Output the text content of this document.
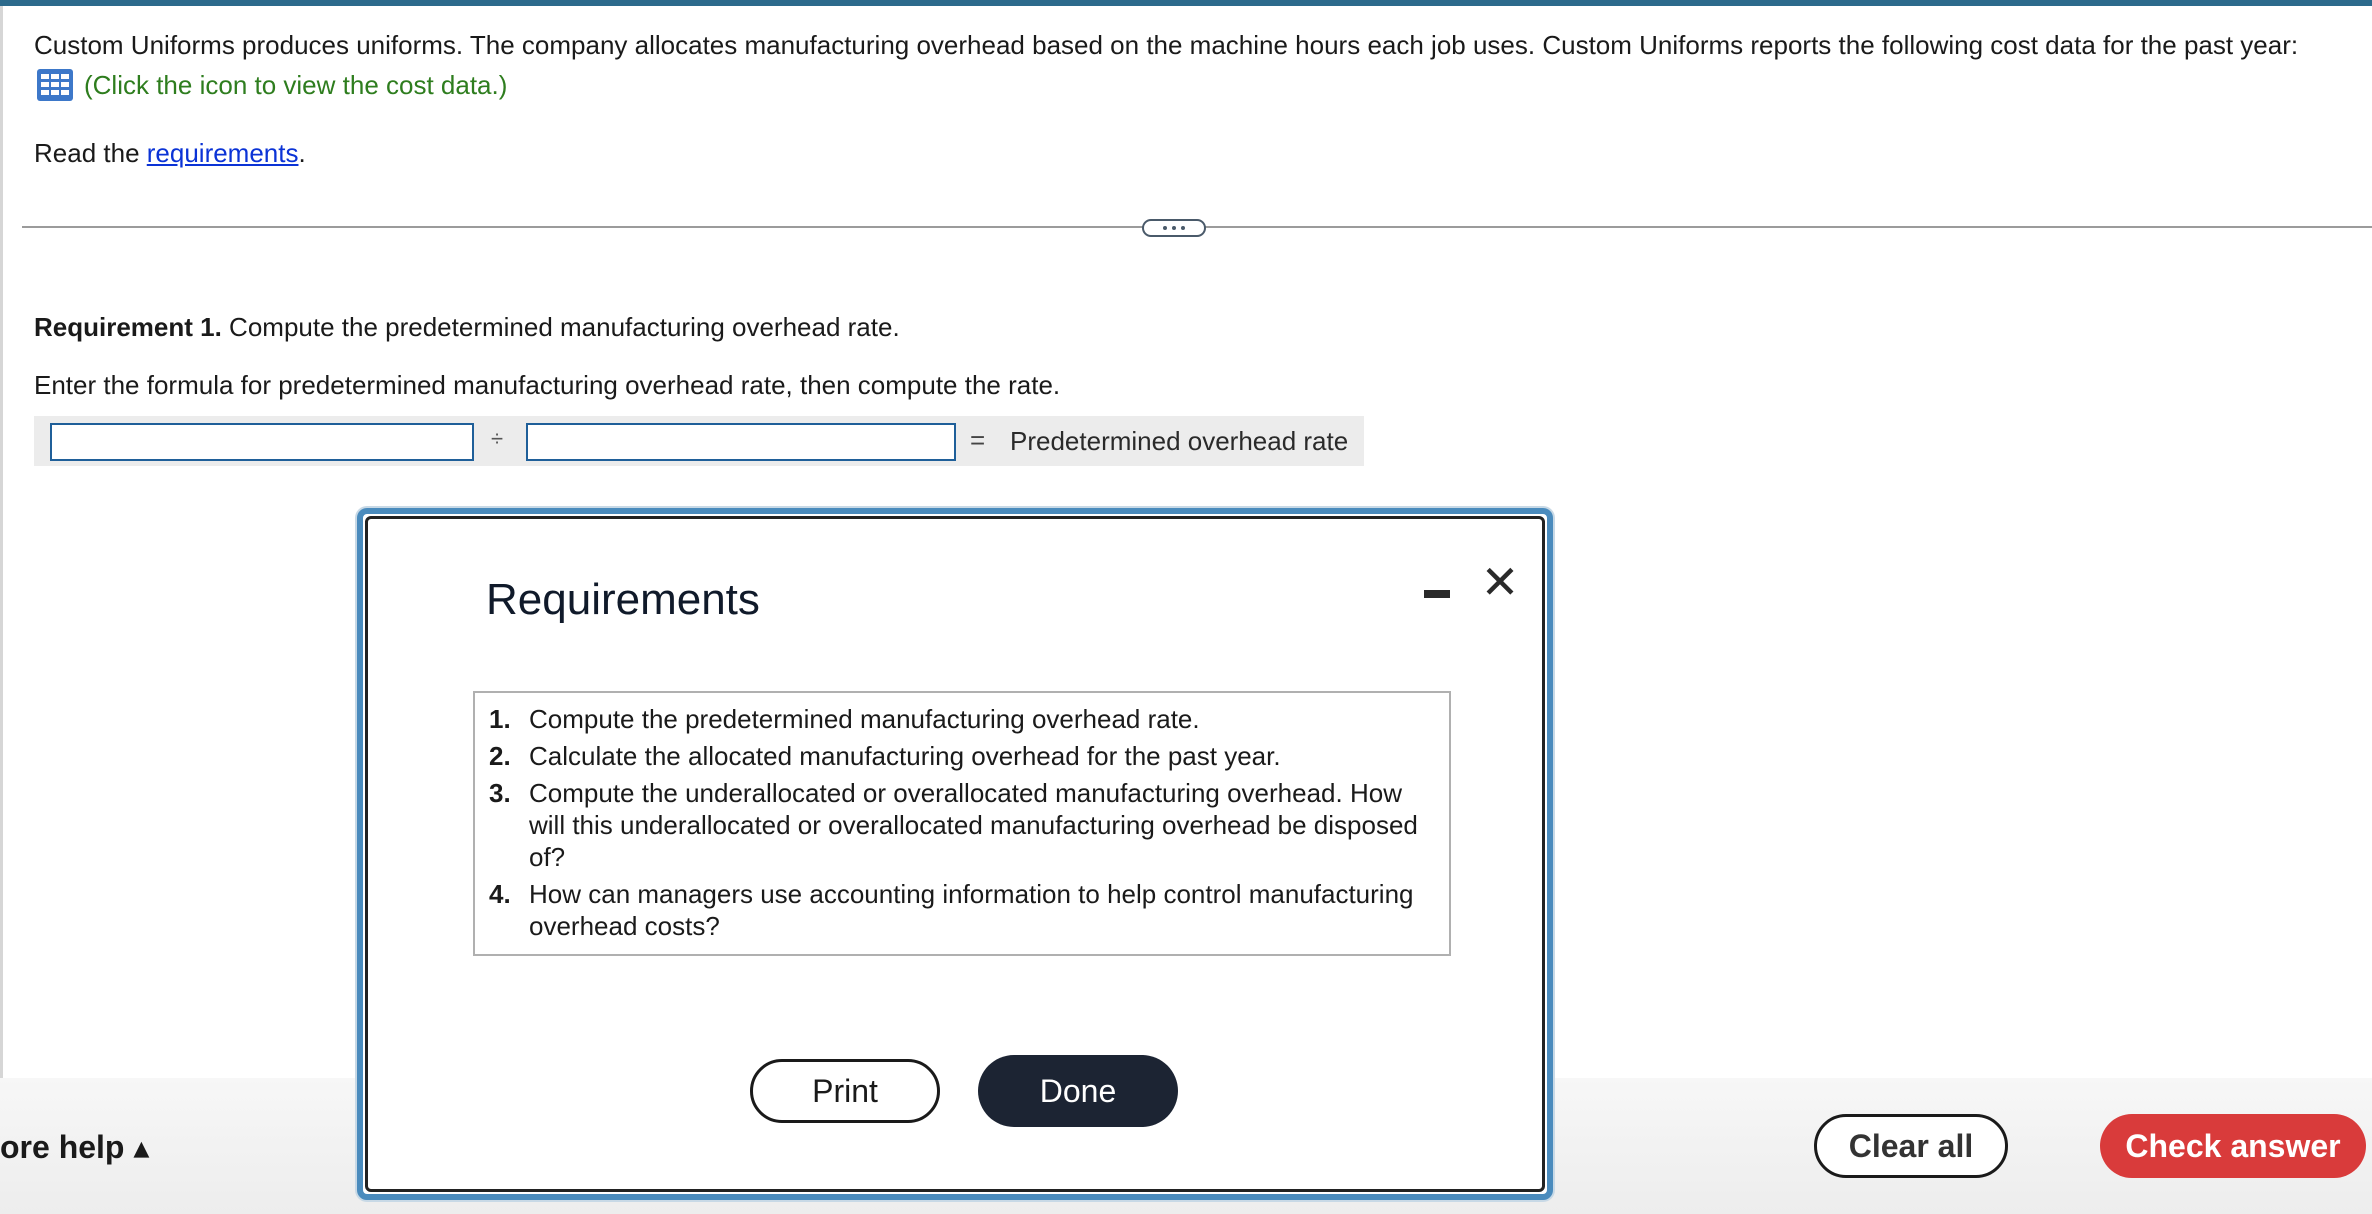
Custom Uniforms produces uniforms. The company allocates manufacturing overhead based on the machine hours each job uses. Custom Uniforms reports the following cost data for the past year:
(Click the icon to view the cost data.)
Read the requirements.
Requirement 1. Compute the predetermined manufacturing overhead rate.
Enter the formula for predetermined manufacturing overhead rate, then compute the rate.
÷	= Predetermined overhead rate
ore help ▴	Clear all	Check answer
Requirements	✕
1. Compute the predetermined manufacturing overhead rate.
2. Calculate the allocated manufacturing overhead for the past year.
3. Compute the underallocated or overallocated manufacturing overhead. How will this underallocated or overallocated manufacturing overhead be disposed of?
4. How can managers use accounting information to help control manufacturing overhead costs?
Print	Done
